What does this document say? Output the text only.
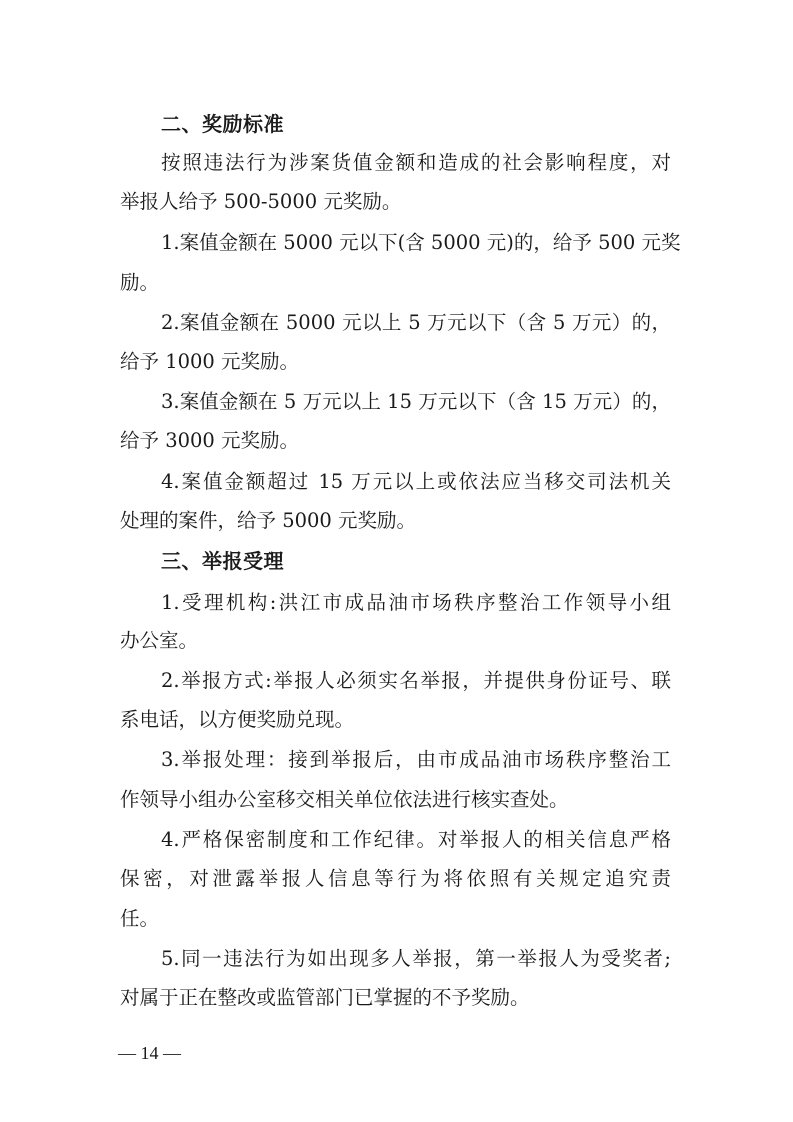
二、奖励标准
按照违法行为涉案货值金额和造成的社会影响程度，对
举报人给予 500-5000 元奖励。
1.案值金额在 5000 元以下(含 5000 元)的，给予 500 元奖
励。
2.案值金额在 5000 元以上 5 万元以下（含 5 万元）的，
给予 1000 元奖励。
3.案值金额在 5 万元以上 15 万元以下（含 15 万元）的，
给予 3000 元奖励。
4.案值金额超过 15 万元以上或依法应当移交司法机关
处理的案件，给予 5000 元奖励。
三、举报受理
1.受理机构:洪江市成品油市场秩序整治工作领导小组
办公室。
2.举报方式:举报人必须实名举报，并提供身份证号、联
系电话，以方便奖励兑现。
3.举报处理：接到举报后，由市成品油市场秩序整治工
作领导小组办公室移交相关单位依法进行核实查处。
4.严格保密制度和工作纪律。对举报人的相关信息严格
保密，对泄露举报人信息等行为将依照有关规定追究责
任。
5.同一违法行为如出现多人举报，第一举报人为受奖者;
对属于正在整改或监管部门已掌握的不予奖励。
— 14 —
